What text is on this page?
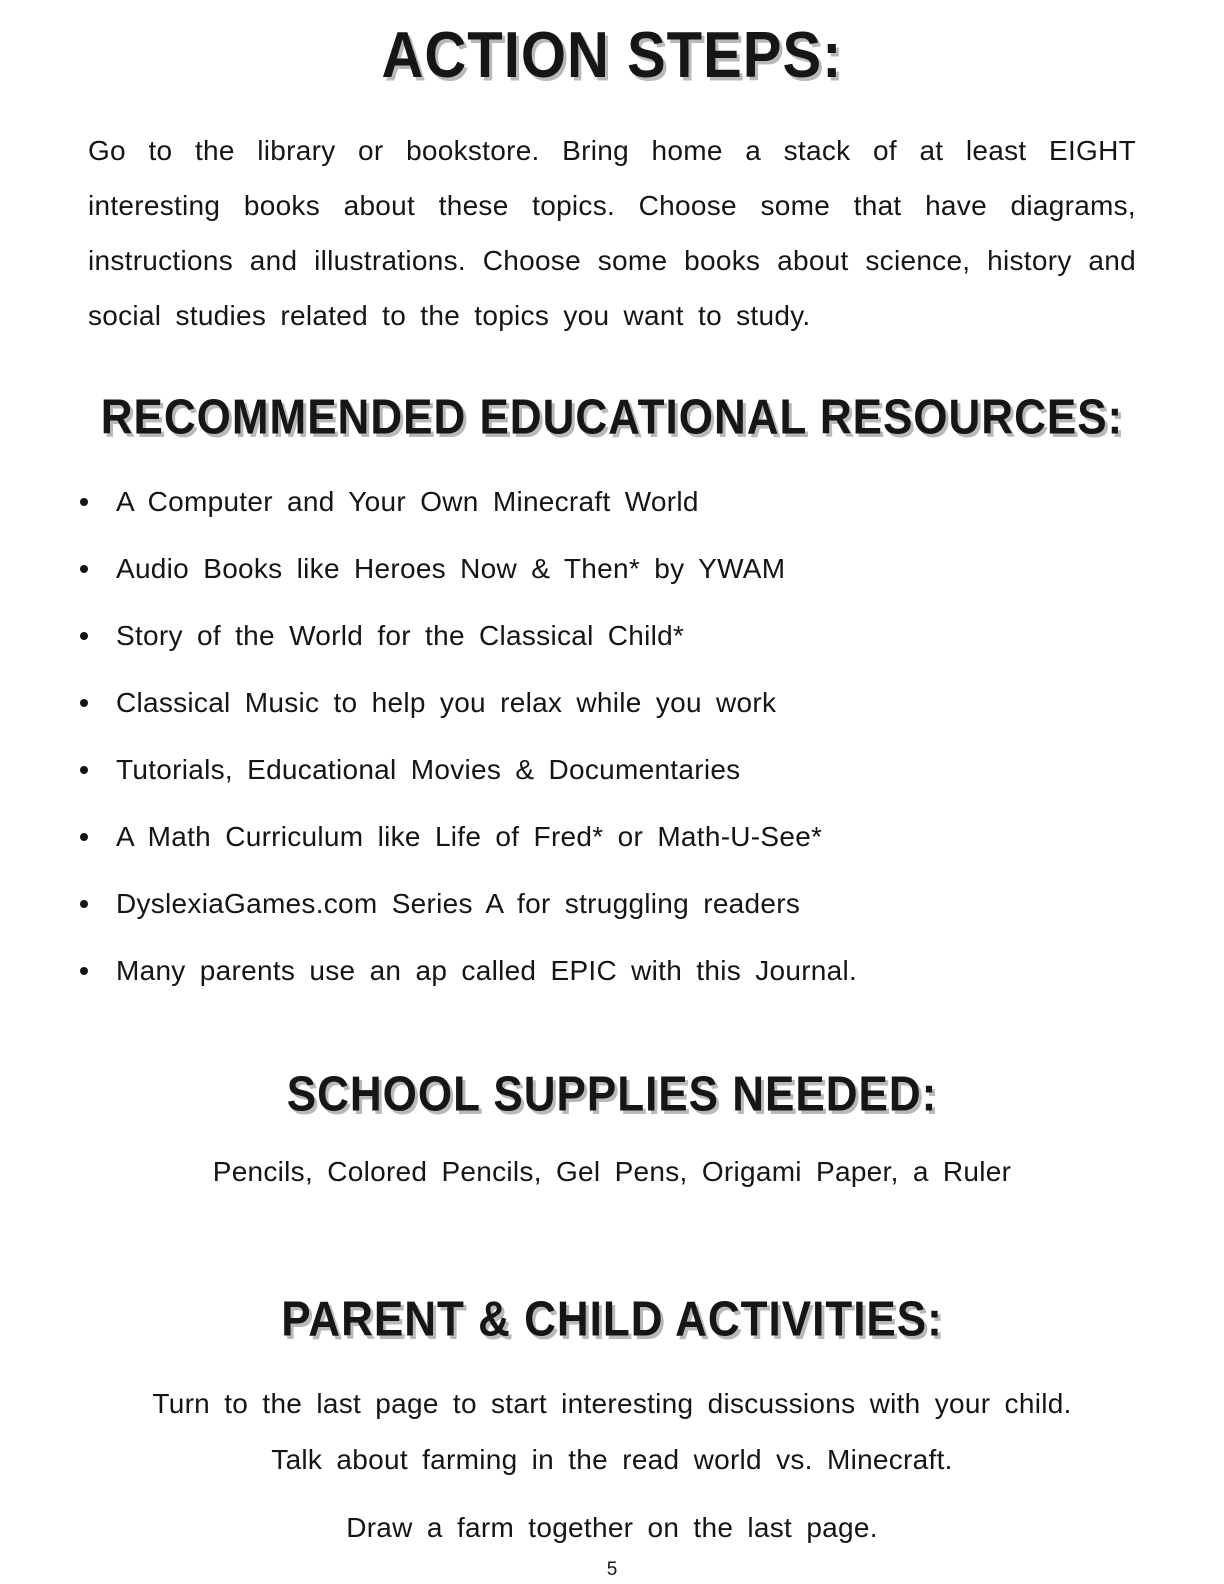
ACTION STEPS:

Go to the library or bookstore. Bring home a stack of at least EIGHT interesting books about these topics. Choose some that have diagrams, instructions and illustrations. Choose some books about science, history and social studies related to the topics you want to study.

RECOMMENDED EDUCATIONAL RESOURCES:
A Computer and Your Own Minecraft World
Audio Books like Heroes Now & Then* by YWAM
Story of the World for the Classical Child*
Classical Music to help you relax while you work
Tutorials, Educational Movies & Documentaries
A Math Curriculum like Life of Fred* or Math-U-See*
DyslexiaGames.com Series A for struggling readers
Many parents use an ap called EPIC with this Journal.
SCHOOL SUPPLIES NEEDED:

Pencils, Colored Pencils, Gel Pens, Origami Paper, a Ruler

PARENT & CHILD ACTIVITIES:

Turn to the last page to start interesting discussions with your child.

Talk about farming in the read world vs. Minecraft.

Draw a farm together on the last page.

5
